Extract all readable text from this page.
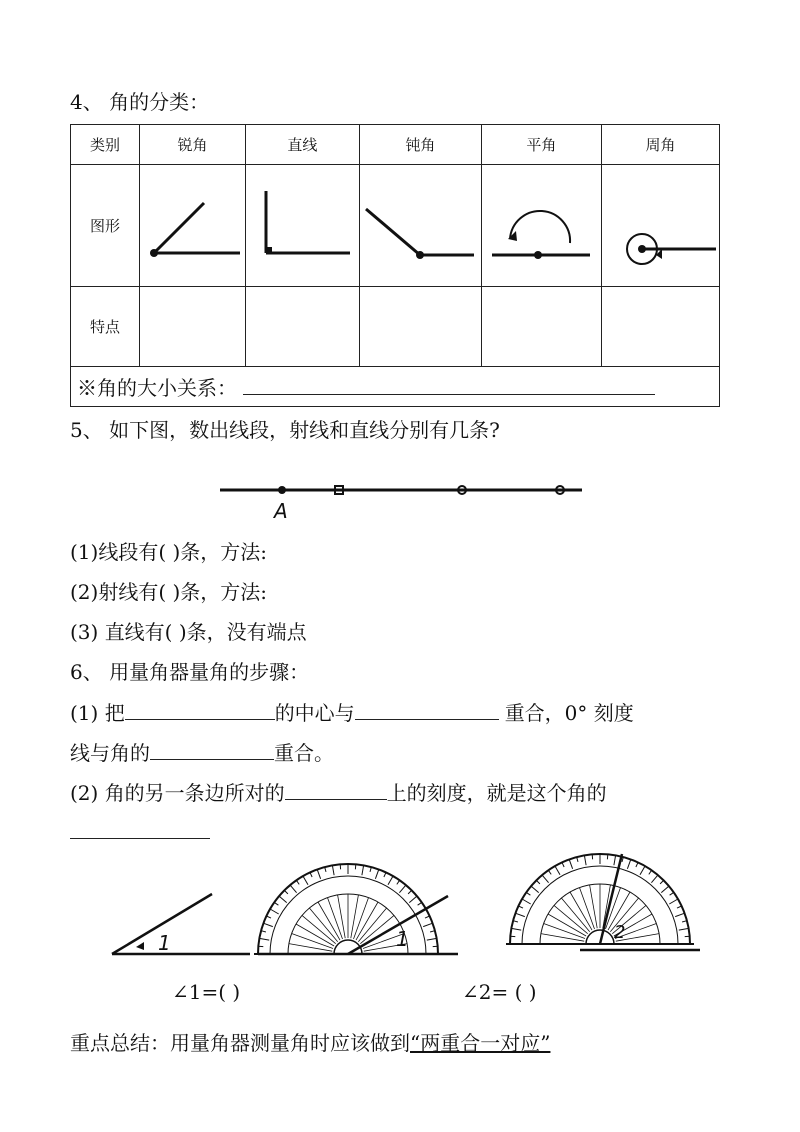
4、 角的分类：
类别	锐角	直线	钝角	平角	周角
图形					
特点					
※角的大小关系：					
5、 如下图，数出线段，射线和直线分别有几条?
A
(1)线段有( )条，方法:
(2)射线有( )条，方法:
(3) 直线有( )条，没有端点
6、 用量角器量角的步骤：
(1) 把	的中心与	重合，0° 刻度
线与角的	重合。
(2) 角的另一条边所对的	上的刻度，就是这个角的
1	1	2
∠1=( )	∠2= ( )
重点总结：用量角器测量角时应该做到“两重合一对应”
